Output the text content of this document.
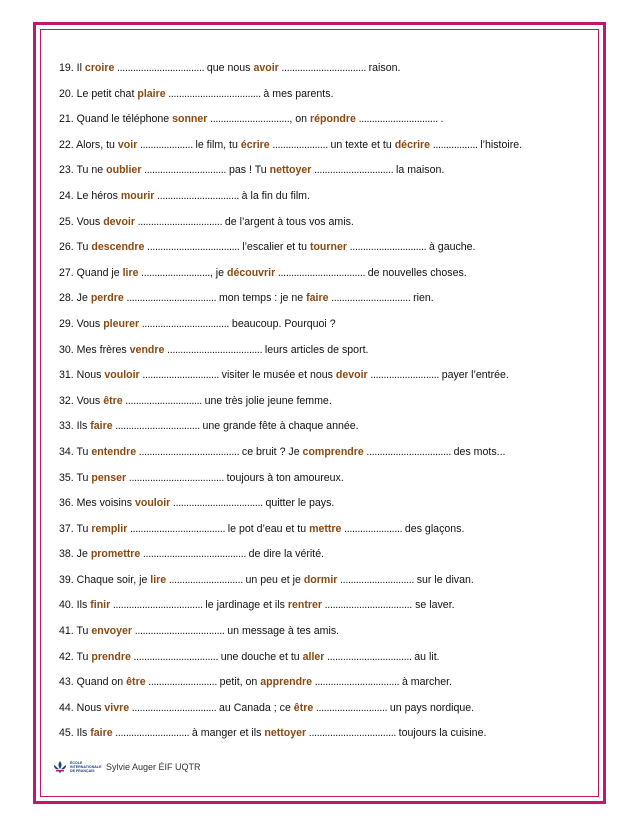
19. Il croire ................................. que nous avoir ................................ raison.
20. Le petit chat plaire ................................... à mes parents.
21. Quand le téléphone sonner .............................., on répondre .............................. .
22. Alors, tu voir .................... le film, tu écrire ..................... un texte et tu décrire ................. l’histoire.
23. Tu ne oublier ............................... pas ! Tu nettoyer .............................. la maison.
24. Le héros mourir ............................... à la fin du film.
25. Vous devoir ................................ de l’argent à tous vos amis.
26. Tu descendre ................................... l’escalier et tu tourner ............................. à gauche.
27. Quand je lire .........................., je découvrir ................................. de nouvelles choses.
28. Je perdre .................................. mon temps : je ne faire .............................. rien.
29. Vous pleurer ................................. beaucoup. Pourquoi ?
30. Mes frères vendre .................................... leurs articles de sport.
31. Nous vouloir ............................. visiter le musée et nous devoir .......................... payer l’entrée.
32. Vous être ............................. une très jolie jeune femme.
33. Ils faire ................................ une grande fête à chaque année.
34. Tu entendre ...................................... ce bruit ? Je comprendre ................................ des mots...
35. Tu penser .................................... toujours à ton amoureux.
36. Mes voisins vouloir .................................. quitter le pays.
37. Tu remplir .................................... le pot d’eau et tu mettre ...................... des glaçons.
38. Je promettre ....................................... de dire la vérité.
39. Chaque soir, je lire ............................ un peu et je dormir ............................ sur le divan.
40. Ils finir .................................. le jardinage et ils rentrer ................................. se laver.
41. Tu envoyer .................................. un message à tes amis.
42. Tu prendre ................................ une douche et tu aller ................................ au lit.
43. Quand on être .......................... petit, on apprendre ................................ à marcher.
44. Nous vivre ................................ au Canada ; ce être ........................... un pays nordique.
45. Ils faire ............................ à manger et ils nettoyer ................................. toujours la cuisine.
ÉCOLE INTERNATIONALE DE FRANÇAIS Sylvie Auger ÉIF UQTR
